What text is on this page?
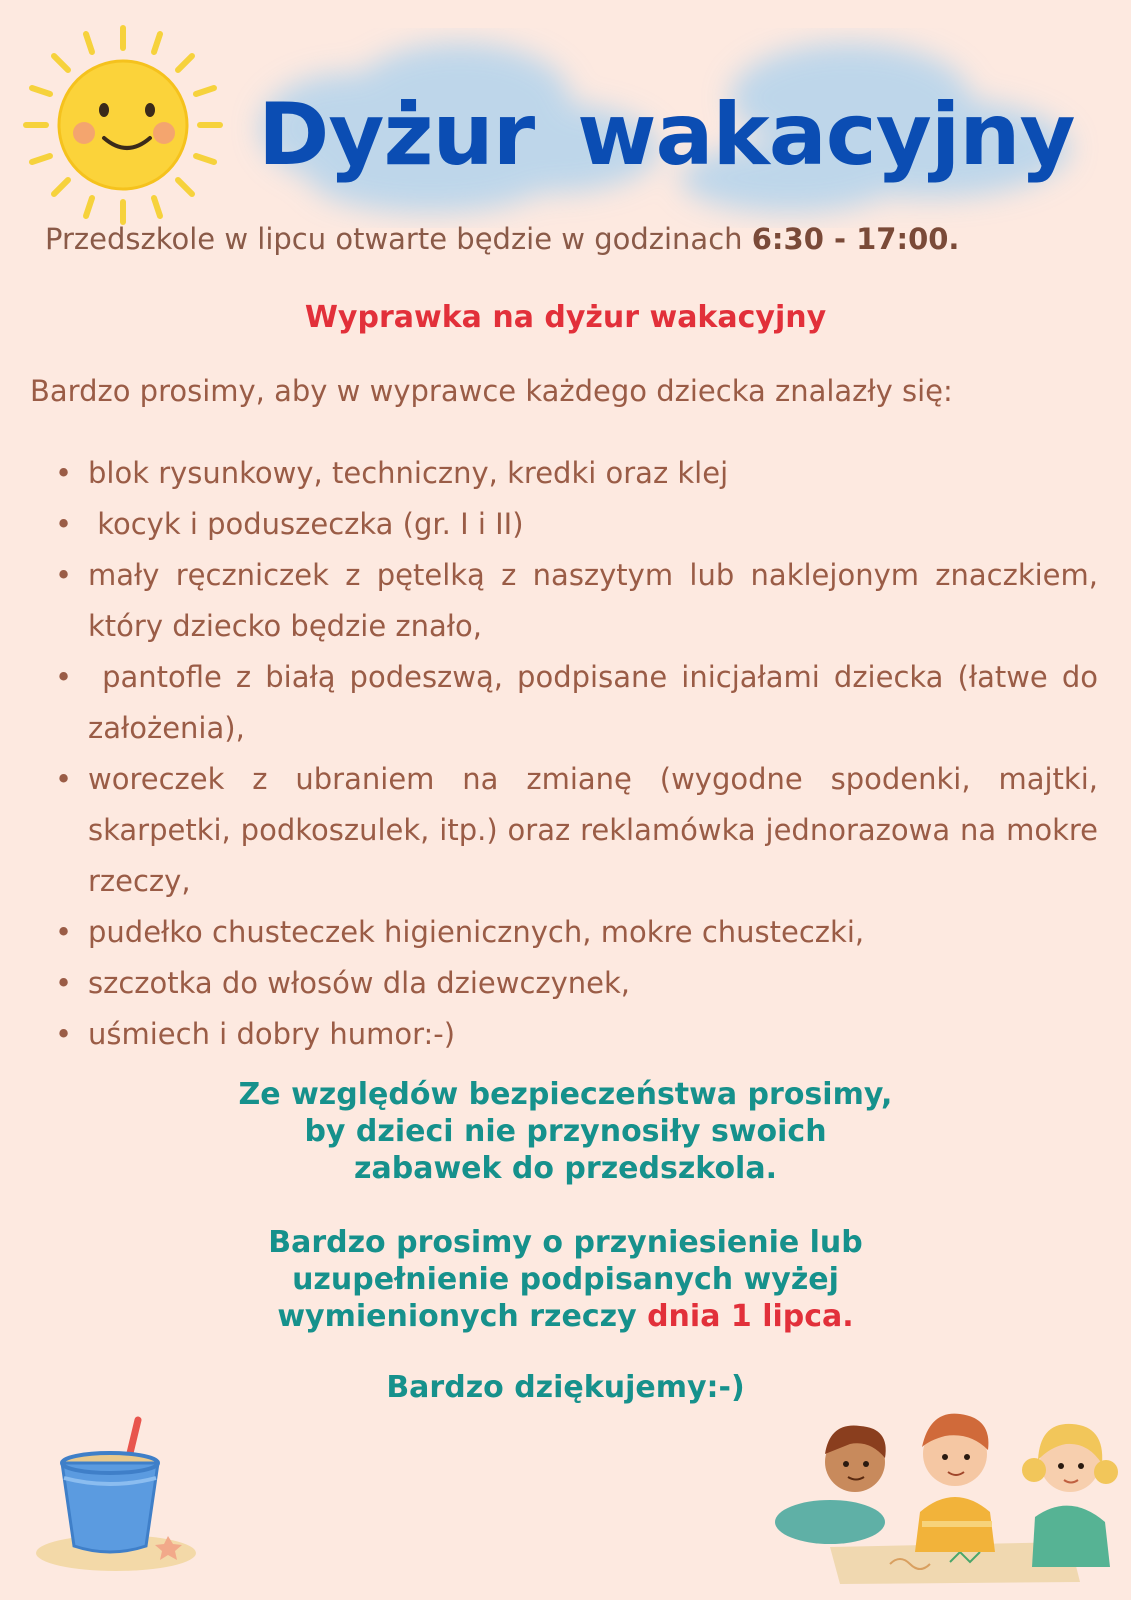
Dyżur wakacyjny
Przedszkole w lipcu otwarte będzie w godzinach 6:30 - 17:00.
Wyprawka na dyżur wakacyjny
Bardzo prosimy, aby w wyprawce każdego dziecka znalazły się:
• blok rysunkowy, techniczny, kredki oraz klej
•  kocyk i poduszeczka (gr. I i II)
• mały ręczniczek z pętelką z naszytym lub naklejonym znaczkiem, który dziecko będzie znało,
•  pantofle z białą podeszwą, podpisane inicjałami dziecka (łatwe do założenia),
• woreczek z ubraniem na zmianę (wygodne spodenki, majtki, skarpetki, podkoszulek, itp.) oraz reklamówka jednorazowa na mokre rzeczy,
• pudełko chusteczek higienicznych, mokre chusteczki,
• szczotka do włosów dla dziewczynek,
• uśmiech i dobry humor:-)
Ze względów bezpieczeństwa prosimy,
by dzieci nie przynosiły swoich
zabawek do przedszkola.
Bardzo prosimy o przyniesienie lub
uzupełnienie podpisanych wyżej
wymienionych rzeczy dnia 1 lipca.
Bardzo dziękujemy:-)
